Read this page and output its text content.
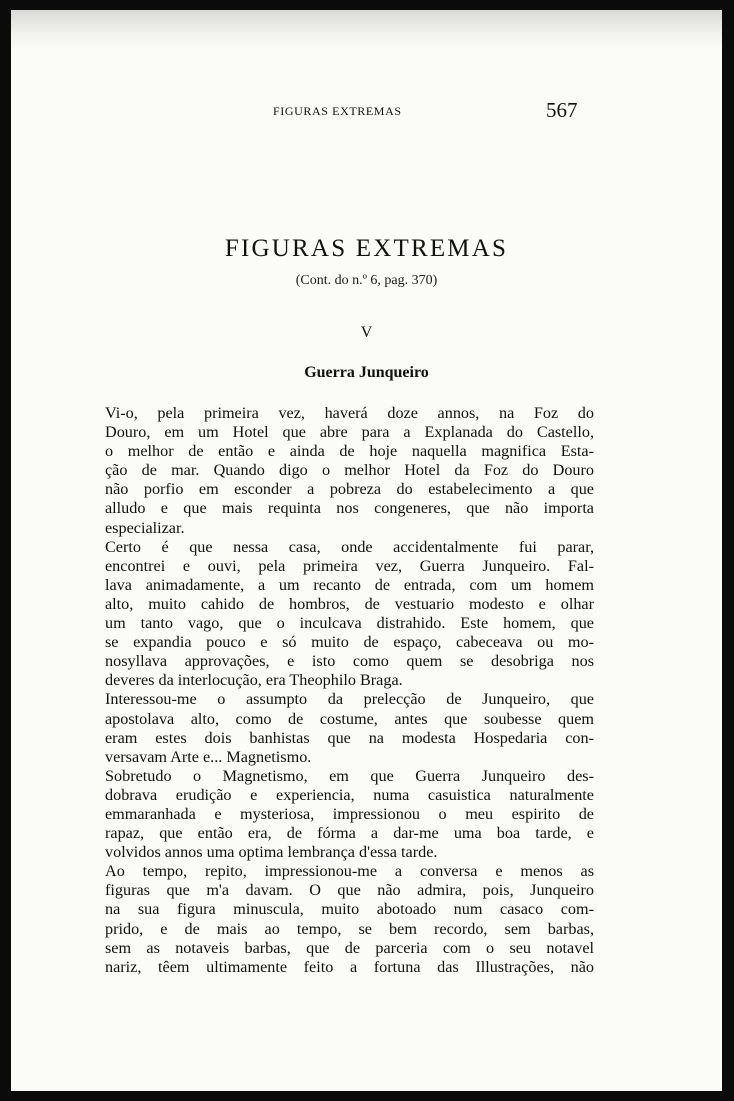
FIGURAS EXTREMAS	567
FIGURAS EXTREMAS
(Cont. do n.º 6, pag. 370)
V
Guerra Junqueiro
Vi-o, pela primeira vez, haverá doze annos, na Foz do
Douro, em um Hotel que abre para a Explanada do Castello,
o melhor de então e ainda de hoje naquella magnifica Esta-
ção de mar. Quando digo o melhor Hotel da Foz do Douro
não porfio em esconder a pobreza do estabelecimento a que
alludo e que mais requinta nos congeneres, que não importa
especializar.
Certo é que nessa casa, onde accidentalmente fui parar,
encontrei e ouvi, pela primeira vez, Guerra Junqueiro. Fal-
lava animadamente, a um recanto de entrada, com um homem
alto, muito cahido de hombros, de vestuario modesto e olhar
um tanto vago, que o inculcava distrahido. Este homem, que
se expandia pouco e só muito de espaço, cabeceava ou mo-
nosyllava approvações, e isto como quem se desobriga nos
deveres da interlocução, era Theophilo Braga.
Interessou-me o assumpto da prelecção de Junqueiro, que
apostolava alto, como de costume, antes que soubesse quem
eram estes dois banhistas que na modesta Hospedaria con-
versavam Arte e... Magnetismo.
Sobretudo o Magnetismo, em que Guerra Junqueiro des-
dobrava erudição e experiencia, numa casuistica naturalmente
emmaranhada e mysteriosa, impressionou o meu espirito de
rapaz, que então era, de fórma a dar-me uma boa tarde, e
volvidos annos uma optima lembrança d'essa tarde.
Ao tempo, repito, impressionou-me a conversa e menos as
figuras que m'a davam. O que não admira, pois, Junqueiro
na sua figura minuscula, muito abotoado num casaco com-
prido, e de mais ao tempo, se bem recordo, sem barbas,
sem as notaveis barbas, que de parceria com o seu notavel
nariz, têem ultimamente feito a fortuna das Illustrações, não
